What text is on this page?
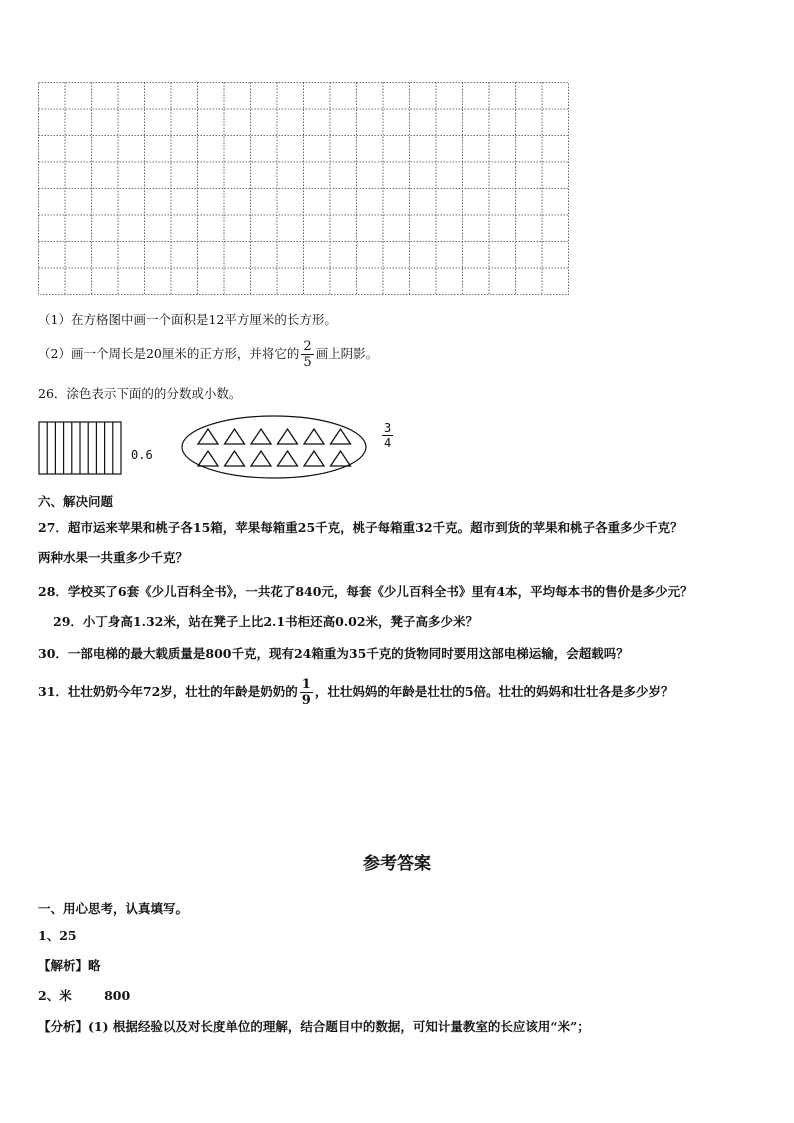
（1）在方格图中画一个面积是12平方厘米的长方形。
（2）画一个周长是20厘米的正方形，并将它的 $\frac{2}{5}$ 画上阴影。
26．涂色表示下面的的分数或小数。
0.6
$\frac{3}{4}$
六、解决问题
27．超市运来苹果和桃子各15箱，苹果每箱重25千克，桃子每箱重32千克。超市到货的苹果和桃子各重多少千克？
两种水果一共重多少千克？
28．学校买了6套《少儿百科全书》，一共花了840元，每套《少儿百科全书》里有4本，平均每本书的售价是多少元？
29．小丁身高1.32米，站在凳子上比2.1书柜还高0.02米，凳子高多少米？
30．一部电梯的最大载质量是800千克，现有24箱重为35千克的货物同时要用这部电梯运输，会超载吗？
31．壮壮奶奶今年72岁，壮壮的年龄是奶奶的 $\frac{1}{9}$ ，壮壮妈妈的年龄是壮壮的5倍。壮壮的妈妈和壮壮各是多少岁？
参考答案
一、用心思考，认真填写。
1、25
【解析】略
2、米	800
【分析】(1) 根据经验以及对长度单位的理解，结合题目中的数据，可知计量教室的长应该用“米”；
